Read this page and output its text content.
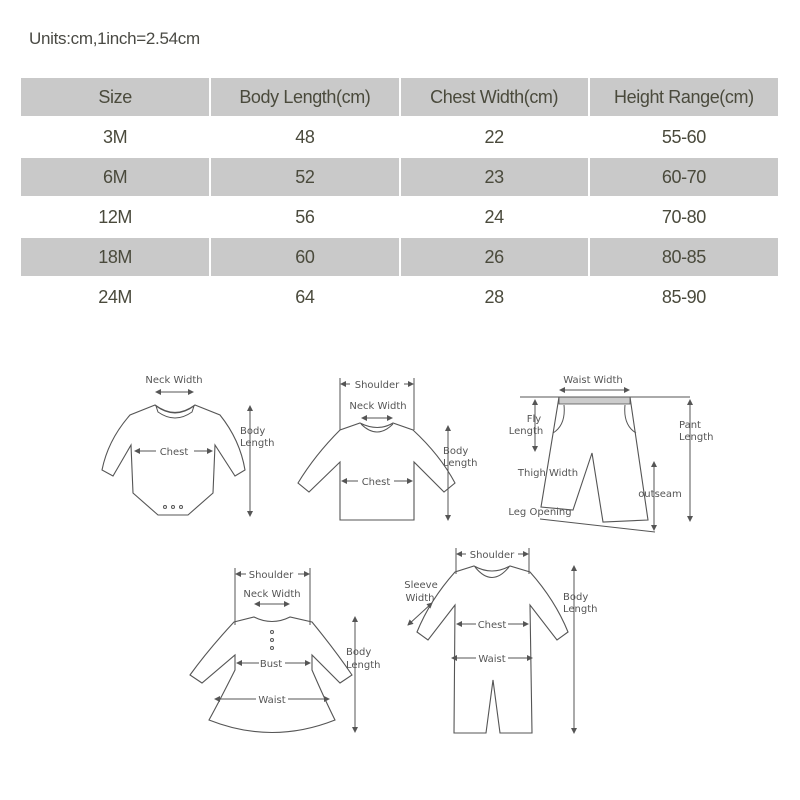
Units:cm,1inch=2.54cm
Size	Body Length(cm)	Chest Width(cm)	Height Range(cm)
3M	48	22	55-60
6M	52	23	60-70
12M	56	24	70-80
18M	60	26	80-85
24M	64	28	85-90
Neck Width
Chest
Body
Length
Shoulder
Neck Width
Chest
Body
Length
Waist Width
Fly
Length
Pant
Length
Thigh Width
outseam
Leg Opening
Shoulder
Neck Width
Bust
Waist
Body
Length
Shoulder
Sleeve
Width
Chest
Waist
Body
Length
